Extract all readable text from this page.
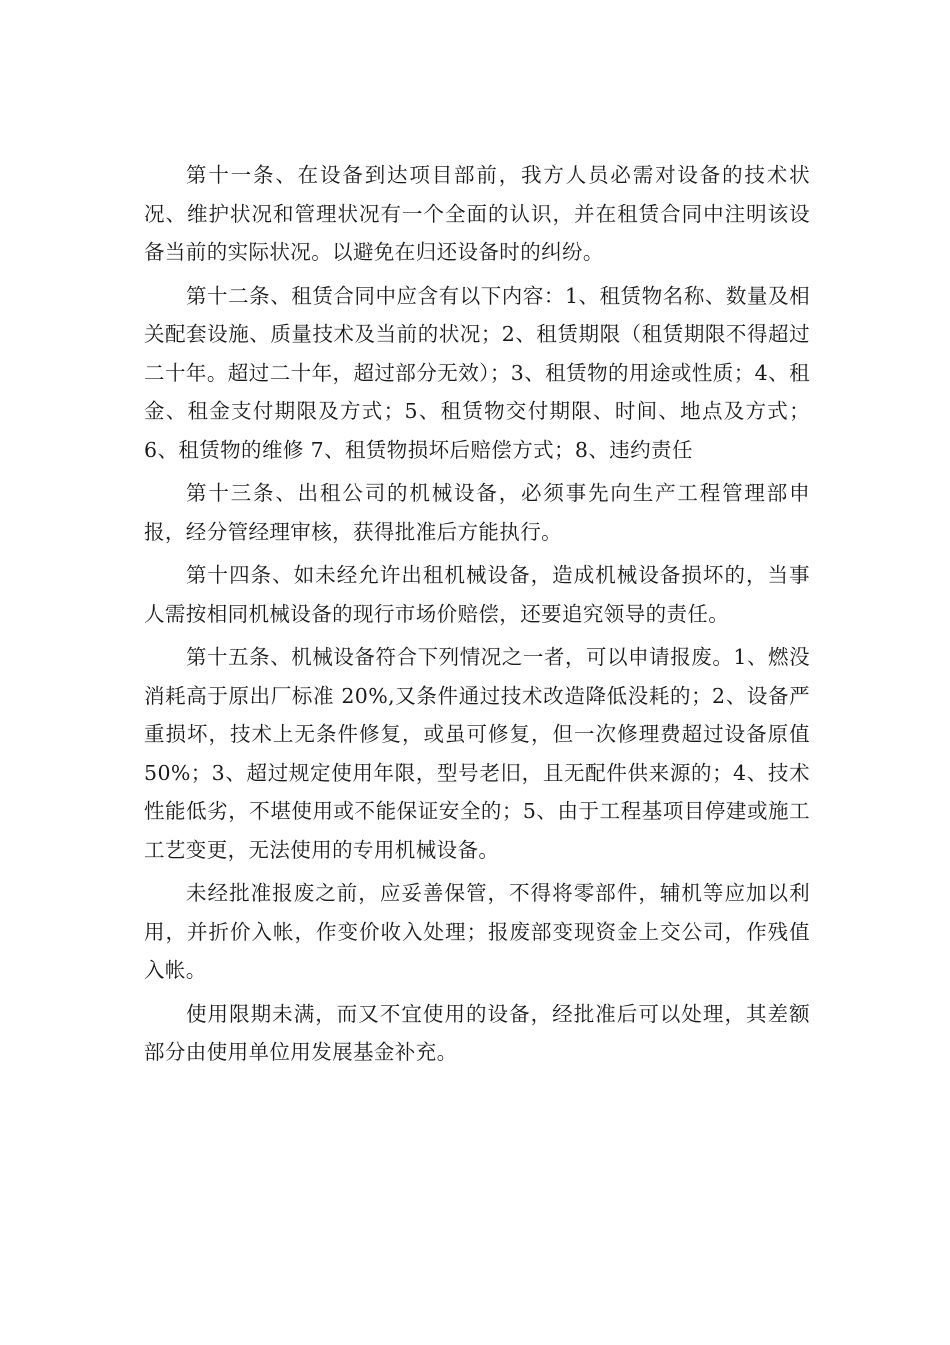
第十一条、在设备到达项目部前，我方人员必需对设备的技术状况、维护状况和管理状况有一个全面的认识，并在租赁合同中注明该设备当前的实际状况。以避免在归还设备时的纠纷。

第十二条、租赁合同中应含有以下内容：1、租赁物名称、数量及相关配套设施、质量技术及当前的状况；2、租赁期限（租赁期限不得超过二十年。超过二十年，超过部分无效）；3、租赁物的用途或性质；4、租金、租金支付期限及方式；5、租赁物交付期限、时间、地点及方式；6、租赁物的维修 7、租赁物损坏后赔偿方式；8、违约责任

第十三条、出租公司的机械设备，必须事先向生产工程管理部申报，经分管经理审核，获得批准后方能执行。

第十四条、如未经允许出租机械设备，造成机械设备损坏的，当事人需按相同机械设备的现行市场价赔偿，还要追究领导的责任。

第十五条、机械设备符合下列情况之一者，可以申请报废。1、燃没消耗高于原出厂标准 20%,又条件通过技术改造降低没耗的；2、设备严重损坏，技术上无条件修复，或虽可修复，但一次修理费超过设备原值 50%；3、超过规定使用年限，型号老旧，且无配件供来源的；4、技术性能低劣，不堪使用或不能保证安全的；5、由于工程基项目停建或施工工艺变更，无法使用的专用机械设备。

未经批准报废之前，应妥善保管，不得将零部件，辅机等应加以利用，并折价入帐，作变价收入处理；报废部变现资金上交公司，作残值入帐。

使用限期未满，而又不宜使用的设备，经批准后可以处理，其差额部分由使用单位用发展基金补充。
